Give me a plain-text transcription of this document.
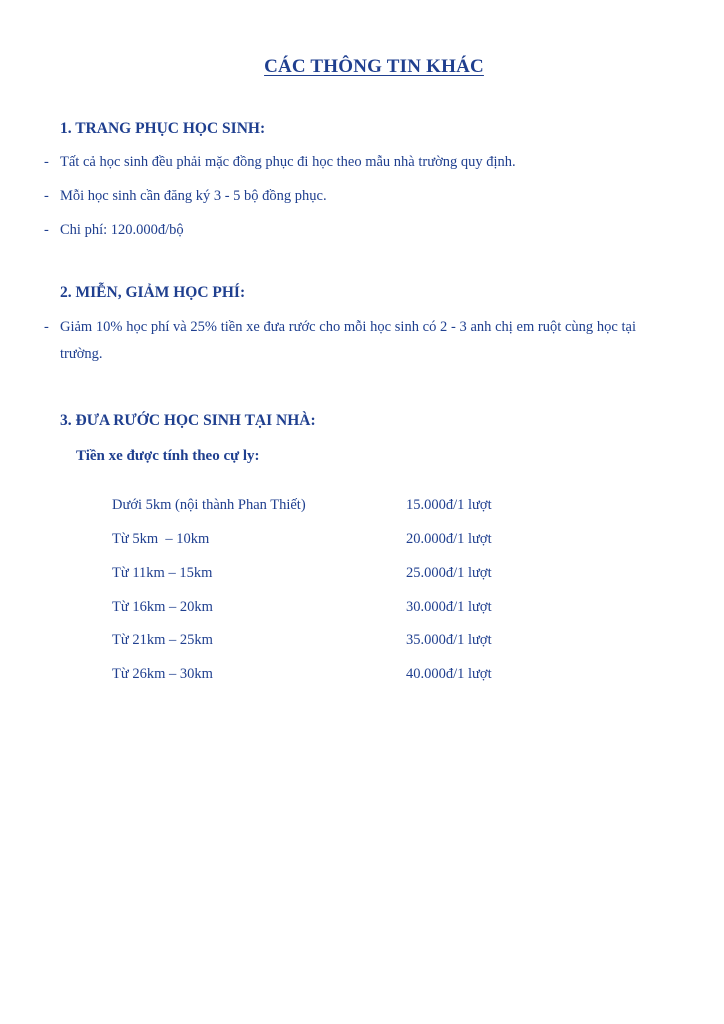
CÁC THÔNG TIN KHÁC
1. TRANG PHỤC HỌC SINH:
- Tất cả học sinh đều phải mặc đồng phục đi học theo mẫu nhà trường quy định.
- Mỗi học sinh cần đăng ký 3 - 5 bộ đồng phục.
- Chi phí: 120.000đ/bộ
2. MIỄN, GIẢM HỌC PHÍ:
- Giảm 10% học phí và 25% tiền xe đưa rước cho mỗi học sinh có 2 - 3 anh chị em ruột cùng học tại trường.
3. ĐƯA RƯỚC HỌC SINH TẠI NHÀ:
Tiền xe được tính theo cự ly:
Dưới 5km (nội thành Phan Thiết)	15.000đ/1 lượt
Từ 5km  – 10km	20.000đ/1 lượt
Từ 11km – 15km	25.000đ/1 lượt
Từ 16km – 20km	30.000đ/1 lượt
Từ 21km – 25km	35.000đ/1 lượt
Từ 26km – 30km	40.000đ/1 lượt
